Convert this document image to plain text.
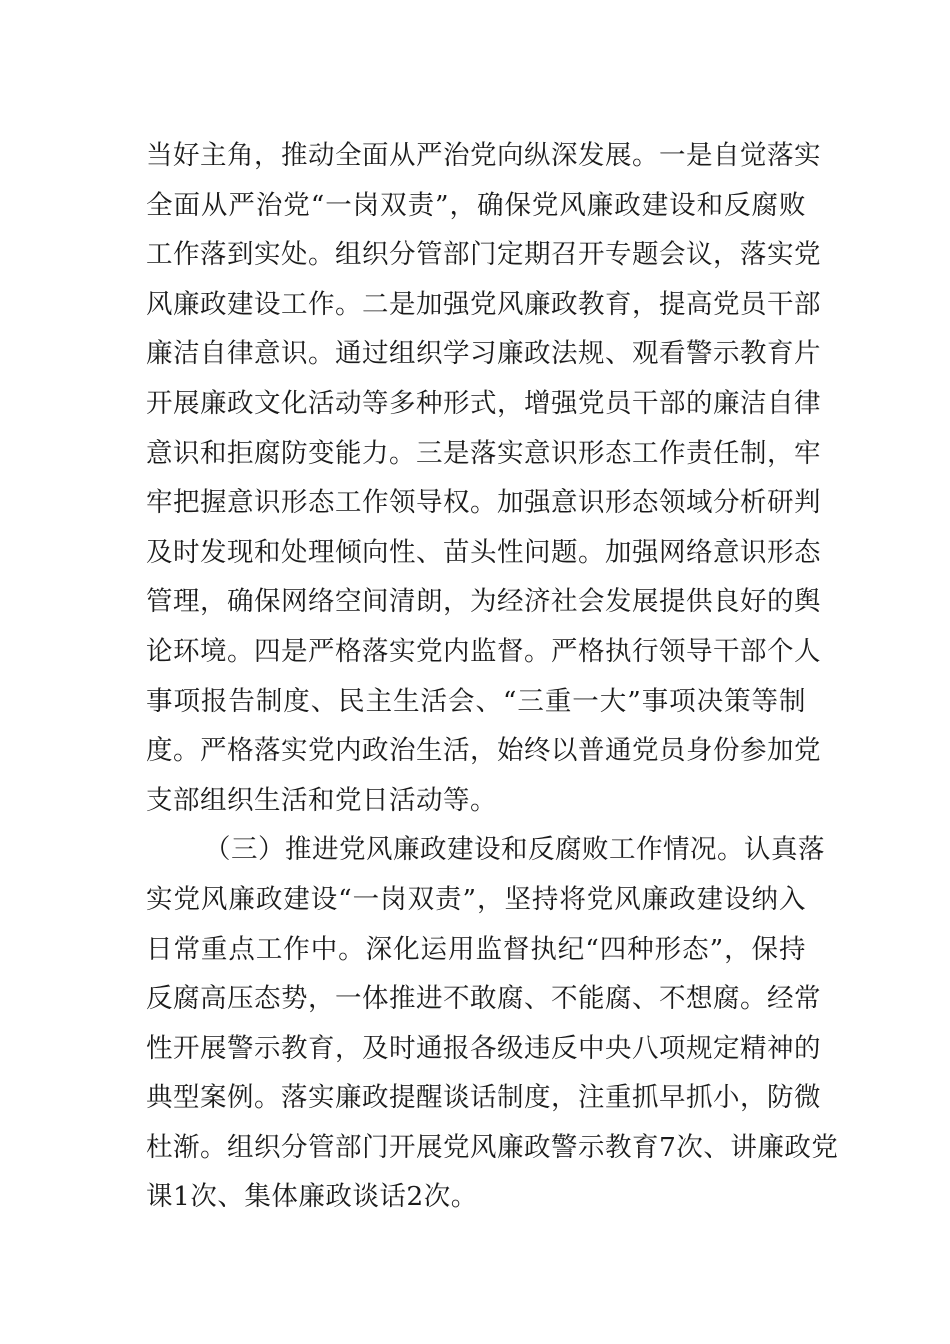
当好主角，推动全面从严治党向纵深发展。一是自觉落实
全面从严治党“一岗双责”，确保党风廉政建设和反腐败
工作落到实处。组织分管部门定期召开专题会议，落实党
风廉政建设工作。二是加强党风廉政教育，提高党员干部
廉洁自律意识。通过组织学习廉政法规、观看警示教育片
开展廉政文化活动等多种形式，增强党员干部的廉洁自律
意识和拒腐防变能力。三是落实意识形态工作责任制，牢
牢把握意识形态工作领导权。加强意识形态领域分析研判
及时发现和处理倾向性、苗头性问题。加强网络意识形态
管理，确保网络空间清朗，为经济社会发展提供良好的舆
论环境。四是严格落实党内监督。严格执行领导干部个人
事项报告制度、民主生活会、“三重一大”事项决策等制
度。严格落实党内政治生活，始终以普通党员身份参加党
支部组织生活和党日活动等。
（三）推进党风廉政建设和反腐败工作情况。认真落
实党风廉政建设“一岗双责”，坚持将党风廉政建设纳入
日常重点工作中。深化运用监督执纪“四种形态”，保持
反腐高压态势，一体推进不敢腐、不能腐、不想腐。经常
性开展警示教育，及时通报各级违反中央八项规定精神的
典型案例。落实廉政提醒谈话制度，注重抓早抓小，防微
杜渐。组织分管部门开展党风廉政警示教育7次、讲廉政党
课1次、集体廉政谈话2次。
